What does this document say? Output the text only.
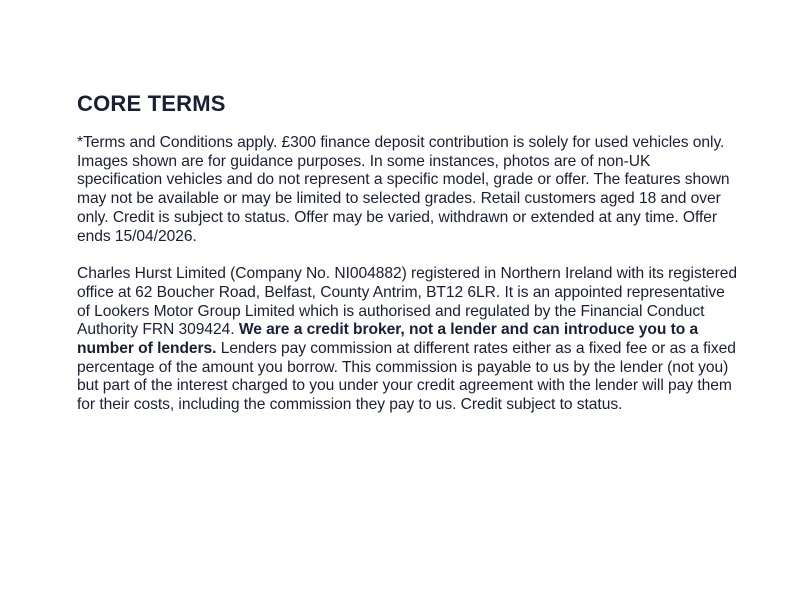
CORE TERMS

*Terms and Conditions apply. £300 finance deposit contribution is solely for used vehicles only. Images shown are for guidance purposes. In some instances, photos are of non-UK specification vehicles and do not represent a specific model, grade or offer. The features shown may not be available or may be limited to selected grades. Retail customers aged 18 and over only. Credit is subject to status. Offer may be varied, withdrawn or extended at any time. Offer ends 15/04/2026.

Charles Hurst Limited (Company No. NI004882) registered in Northern Ireland with its registered office at 62 Boucher Road, Belfast, County Antrim, BT12 6LR. It is an appointed representative of Lookers Motor Group Limited which is authorised and regulated by the Financial Conduct Authority FRN 309424. We are a credit broker, not a lender and can introduce you to a number of lenders. Lenders pay commission at different rates either as a fixed fee or as a fixed percentage of the amount you borrow. This commission is payable to us by the lender (not you) but part of the interest charged to you under your credit agreement with the lender will pay them for their costs, including the commission they pay to us. Credit subject to status.
